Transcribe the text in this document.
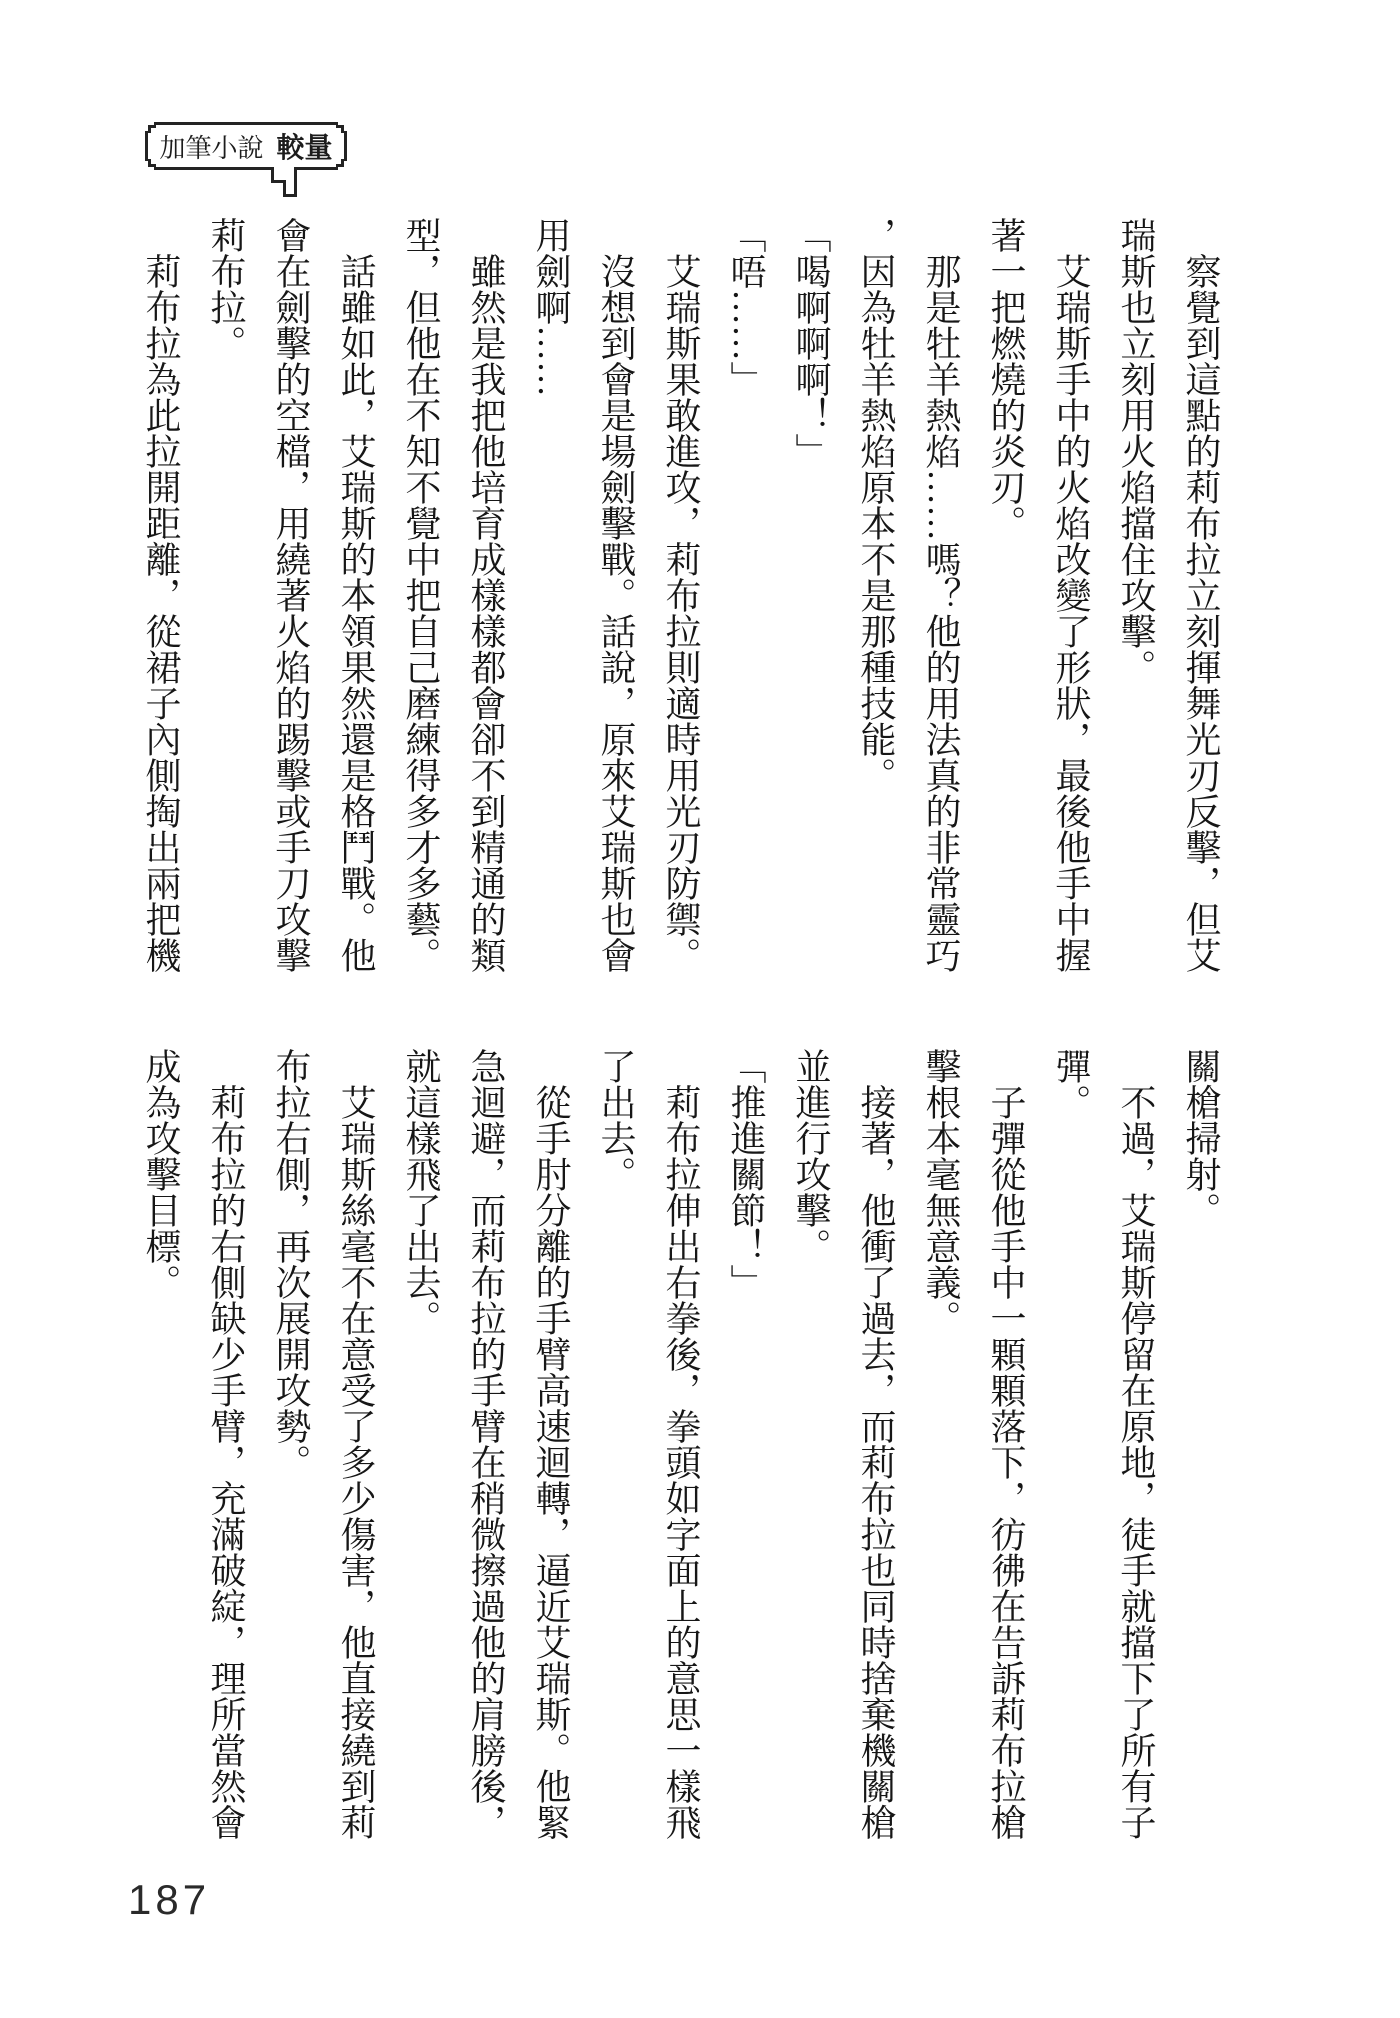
加筆小說 較量
察覺到這點的莉布拉立刻揮舞光刃反擊，但艾
瑞斯也立刻用火焰擋住攻擊。
艾瑞斯手中的火焰改變了形狀，最後他手中握
著一把燃燒的炎刃。
那是牡羊熱焰……嗎？他的用法真的非常靈巧
，因為牡羊熱焰原本不是那種技能。
「喝啊啊啊！」
「唔……」
艾瑞斯果敢進攻，莉布拉則適時用光刃防禦。
沒想到會是場劍擊戰。話說，原來艾瑞斯也會
用劍啊……
雖然是我把他培育成樣樣都會卻不到精通的類
型，但他在不知不覺中把自己磨練得多才多藝。
話雖如此，艾瑞斯的本領果然還是格鬥戰。他
會在劍擊的空檔，用繞著火焰的踢擊或手刀攻擊
莉布拉。
莉布拉為此拉開距離，從裙子內側掏出兩把機
關槍掃射。
不過，艾瑞斯停留在原地，徒手就擋下了所有子
彈。
子彈從他手中一顆顆落下，彷彿在告訴莉布拉槍
擊根本毫無意義。
接著，他衝了過去，而莉布拉也同時捨棄機關槍
並進行攻擊。
「推進關節！」
莉布拉伸出右拳後，拳頭如字面上的意思一樣飛
了出去。
從手肘分離的手臂高速迴轉，逼近艾瑞斯。他緊
急迴避，而莉布拉的手臂在稍微擦過他的肩膀後，
就這樣飛了出去。
艾瑞斯絲毫不在意受了多少傷害，他直接繞到莉
布拉右側，再次展開攻勢。
莉布拉的右側缺少手臂，充滿破綻，理所當然會
成為攻擊目標。
187
